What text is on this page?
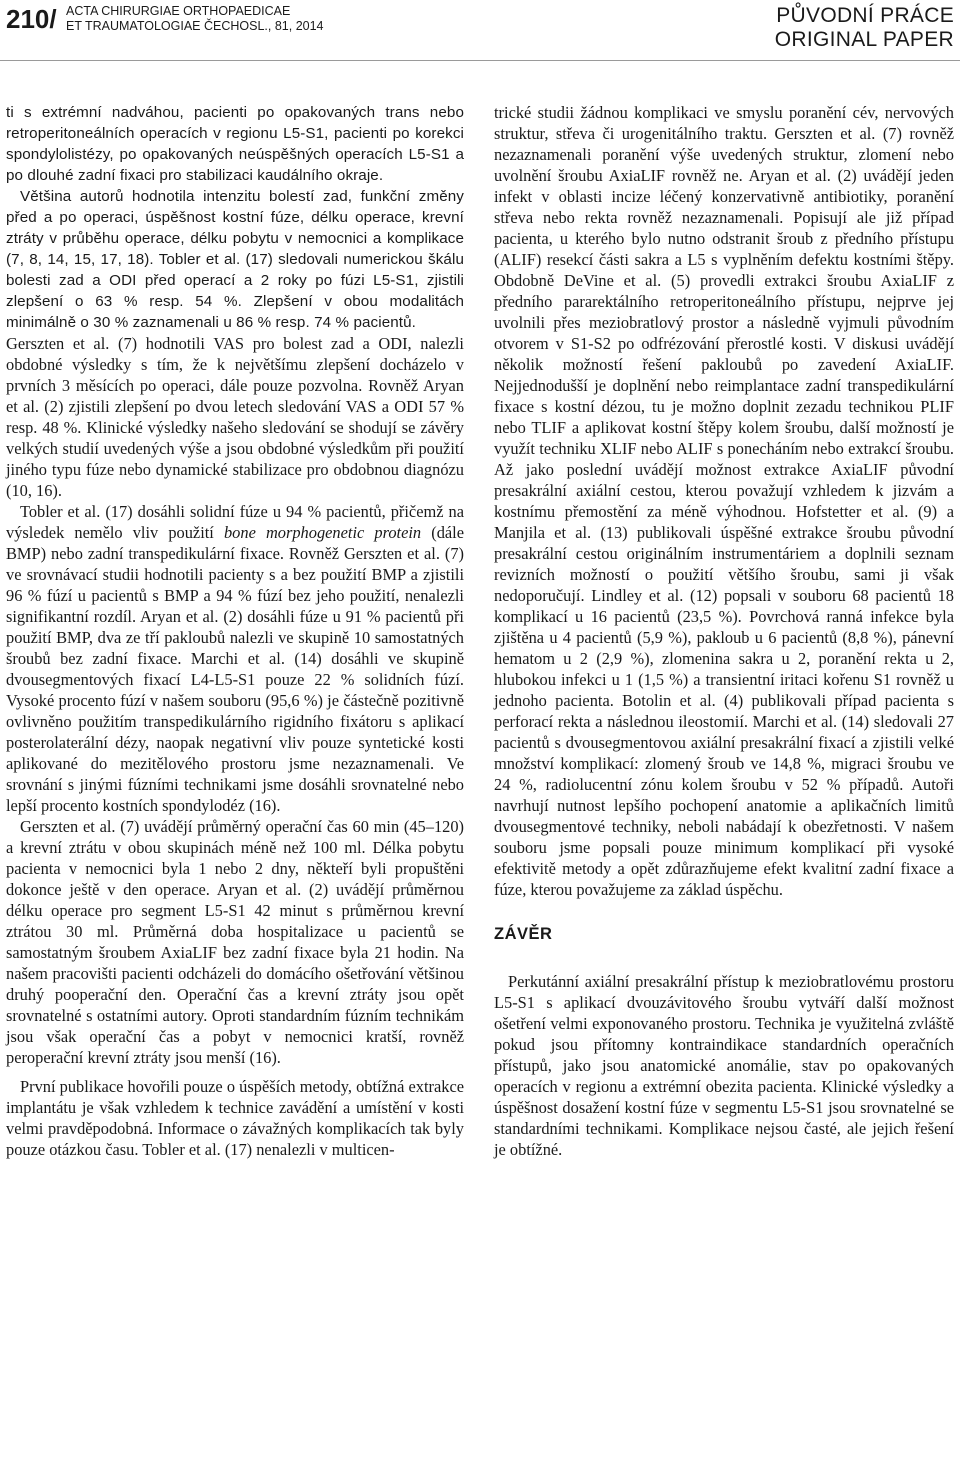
210/ ACTA CHIRURGIAE ORTHOPAEDICAE
ET TRAUMATOLOGIAE ČECHOSL., 81, 2014	PŮVODNÍ PRÁCE
ORIGINAL PAPER

ti s extrémní nadváhou, pacienti po opakovaných trans nebo retroperitoneálních operacích v regionu L5-S1, pacienti po korekci spondylolistézy, po opakovaných neúspěšných operacích L5-S1 a po dlouhé zadní fixaci pro stabilizaci kaudálního okraje.

Většina autorů hodnotila intenzitu bolestí zad, funkční změny před a po operaci, úspěšnost kostní fúze, délku operace, krevní ztráty v průběhu operace, délku pobytu v nemocnici a komplikace (7, 8, 14, 15, 17, 18). Tobler et al. (17) sledovali numerickou škálu bolesti zad a ODI před operací a 2 roky po fúzi L5-S1, zjistili zlepšení o 63 % resp. 54 %. Zlepšení v obou modalitách minimálně o 30 % zaznamenali u 86 % resp. 74 % pacientů.

Gerszten et al. (7) hodnotili VAS pro bolest zad a ODI, nalezli obdobné výsledky s tím, že k největšímu zlepšení docházelo v prvních 3 měsících po operaci, dále pouze pozvolna. Rovněž Aryan et al. (2) zjistili zlepšení po dvou letech sledování VAS a ODI 57 % resp. 48 %. Klinické výsledky našeho sledování se shodují se závěry velkých studií uvedených výše a jsou obdobné výsledkům při použití jiného typu fúze nebo dynamické stabilizace pro obdobnou diagnózu (10, 16).

Tobler et al. (17) dosáhli solidní fúze u 94 % pacientů, přičemž na výsledek nemělo vliv použití bone morphogenetic protein (dále BMP) nebo zadní transpedikulární fixace. Rovněž Gerszten et al. (7) ve srovnávací studii hodnotili pacienty s a bez použití BMP a zjistili 96 % fúzí u pacientů s BMP a 94 % fúzí bez jeho použití, nenalezli signifikantní rozdíl. Aryan et al. (2) dosáhli fúze u 91 % pacientů při použití BMP, dva ze tří pakloubů nalezli ve skupině 10 samostatných šroubů bez zadní fixace. Marchi et al. (14) dosáhli ve skupině dvousegmentových fixací L4-L5-S1 pouze 22 % solidních fúzí. Vysoké procento fúzí v našem souboru (95,6 %) je částečně pozitivně ovlivněno použitím transpedikulárního rigidního fixátoru s aplikací posterolaterální dézy, naopak negativní vliv pouze syntetické kosti aplikované do mezitělového prostoru jsme nezaznamenali. Ve srovnání s jinými fúzními technikami jsme dosáhli srovnatelné nebo lepší procento kostních spondylodéz (16).

Gerszten et al. (7) uvádějí průměrný operační čas 60 min (45–120) a krevní ztrátu v obou skupinách méně než 100 ml. Délka pobytu pacienta v nemocnici byla 1 nebo 2 dny, někteří byli propuštěni dokonce ještě v den operace. Aryan et al. (2) uvádějí průměrnou délku operace pro segment L5-S1 42 minut s průměrnou krevní ztrátou 30 ml. Průměrná doba hospitalizace u pacientů se samostatným šroubem AxiaLIF bez zadní fixace byla 21 hodin. Na našem pracovišti pacienti odcházeli do domácího ošetřování většinou druhý pooperační den. Operační čas a krevní ztráty jsou opět srovnatelné s ostatními autory. Oproti standardním fúzním technikám jsou však operační čas a pobyt v nemocnici kratší, rovněž peroperační krevní ztráty jsou menší (16).

První publikace hovořili pouze o úspěších metody, obtížná extrakce implantátu je však vzhledem k technice zavádění a umístění v kosti velmi pravděpodobná. Informace o závažných komplikacích tak byly pouze otázkou času. Tobler et al. (17) nenalezli v multicen-

trické studii žádnou komplikaci ve smyslu poranění cév, nervových struktur, střeva či urogenitálního traktu. Gerszten et al. (7) rovněž nezaznamenali poranění výše uvedených struktur, zlomení nebo uvolnění šroubu AxiaLIF rovněž ne. Aryan et al. (2) uvádějí jeden infekt v oblasti incize léčený konzervativně antibiotiky, poranění střeva nebo rekta rovněž nezaznamenali. Popisují ale již případ pacienta, u kterého bylo nutno odstranit šroub z předního přístupu (ALIF) resekcí části sakra a L5 s vyplněním defektu kostními štěpy. Obdobně DeVine et al. (5) provedli extrakci šroubu AxiaLIF z předního pararektálního retroperitoneálního přístupu, nejprve jej uvolnili přes meziobratlový prostor a následně vyjmuli původním otvorem v S1-S2 po odfrézování přerostlé kosti. V diskusi uvádějí několik možností řešení pakloubů po zavedení AxiaLIF. Nejjednodušší je doplnění nebo reimplantace zadní transpedikulární fixace s kostní dézou, tu je možno doplnit zezadu technikou PLIF nebo TLIF a aplikovat kostní štěpy kolem šroubu, další možností je využít techniku XLIF nebo ALIF s ponecháním nebo extrakcí šroubu. Až jako poslední uvádějí možnost extrakce AxiaLIF původní presakrální axiální cestou, kterou považují vzhledem k jizvám a kostnímu přemostění za méně výhodnou. Hofstetter et al. (9) a Manjila et al. (13) publikovali úspěšné extrakce šroubu původní presakrální cestou originálním instrumentáriem a doplnili seznam revizních možností o použití většího šroubu, sami ji však nedoporučují. Lindley et al. (12) popsali v souboru 68 pacientů 18 komplikací u 16 pacientů (23,5 %). Povrchová ranná infekce byla zjištěna u 4 pacientů (5,9 %), pakloub u 6 pacientů (8,8 %), pánevní hematom u 2 (2,9 %), zlomenina sakra u 2, poranění rekta u 2, hlubokou infekci u 1 (1,5 %) a transientní iritaci kořenu S1 rovněž u jednoho pacienta. Botolin et al. (4) publikovali případ pacienta s perforací rekta a následnou ileostomií. Marchi et al. (14) sledovali 27 pacientů s dvousegmentovou axiální presakrální fixací a zjistili velké množství komplikací: zlomený šroub ve 14,8 %, migraci šroubu ve 24 %, radiolucentní zónu kolem šroubu v 52 % případů. Autoři navrhují nutnost lepšího pochopení anatomie a aplikačních limitů dvousegmentové techniky, neboli nabádají k obezřetnosti. V našem souboru jsme popsali pouze minimum komplikací při vysoké efektivitě metody a opět zdůrazňujeme efekt kvalitní zadní fixace a fúze, kterou považujeme za základ úspěchu.

ZÁVĚR

Perkutánní axiální presakrální přístup k meziobratlovému prostoru L5-S1 s aplikací dvouzávitového šroubu vytváří další možnost ošetření velmi exponovaného prostoru. Technika je využitelná zvláště pokud jsou přítomny kontraindikace standardních operačních přístupů, jako jsou anatomické anomálie, stav po opakovaných operacích v regionu a extrémní obezita pacienta. Klinické výsledky a úspěšnost dosažení kostní fúze v segmentu L5-S1 jsou srovnatelné se standardními technikami. Komplikace nejsou časté, ale jejich řešení je obtížné.
